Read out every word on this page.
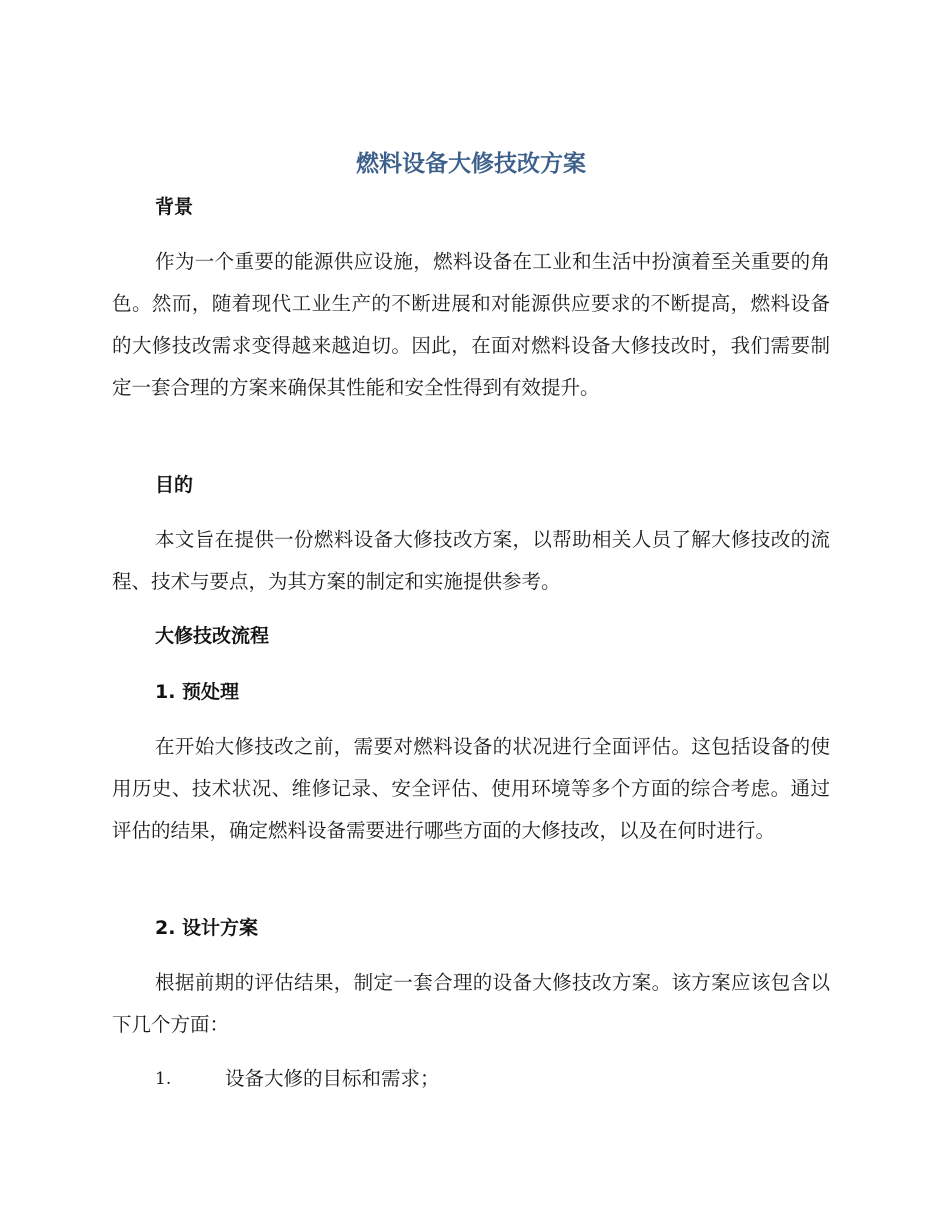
燃料设备大修技改方案
背景

作为一个重要的能源供应设施，燃料设备在工业和生活中扮演着至关重要的角色。然而，随着现代工业生产的不断进展和对能源供应要求的不断提高，燃料设备的大修技改需求变得越来越迫切。因此，在面对燃料设备大修技改时，我们需要制定一套合理的方案来确保其性能和安全性得到有效提升。

目的

本文旨在提供一份燃料设备大修技改方案，以帮助相关人员了解大修技改的流程、技术与要点，为其方案的制定和实施提供参考。

大修技改流程
1. 预处理

在开始大修技改之前，需要对燃料设备的状况进行全面评估。这包括设备的使用历史、技术状况、维修记录、安全评估、使用环境等多个方面的综合考虑。通过评估的结果，确定燃料设备需要进行哪些方面的大修技改，以及在何时进行。

2. 设计方案

根据前期的评估结果，制定一套合理的设备大修技改方案。该方案应该包含以下几个方面：

1.	设备大修的目标和需求；
